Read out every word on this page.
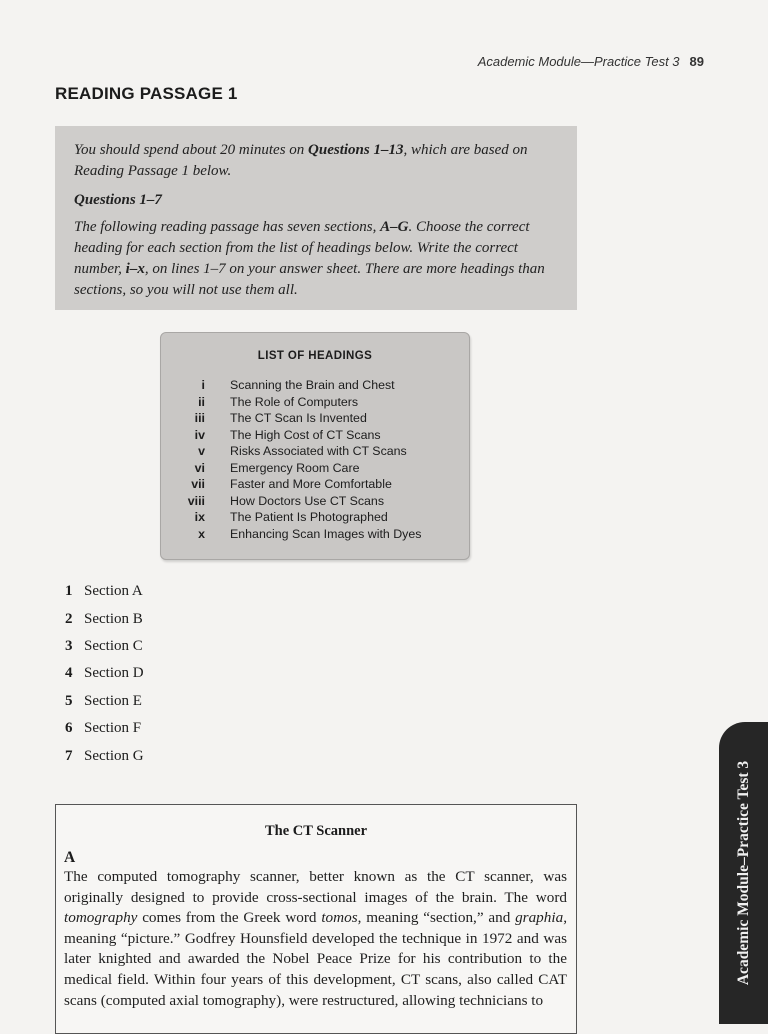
Academic Module—Practice Test 3 89
READING PASSAGE 1

You should spend about 20 minutes on Questions 1–13, which are based on Reading Passage 1 below.

Questions 1–7

The following reading passage has seven sections, A–G. Choose the correct heading for each section from the list of headings below. Write the correct number, i–x, on lines 1–7 on your answer sheet. There are more headings than sections, so you will not use them all.

LIST OF HEADINGS
i Scanning the Brain and Chest
ii The Role of Computers
iii The CT Scan Is Invented
iv The High Cost of CT Scans
v Risks Associated with CT Scans
vi Emergency Room Care
vii Faster and More Comfortable
viii How Doctors Use CT Scans
ix The Patient Is Photographed
x Enhancing Scan Images with Dyes
1 Section A
2 Section B
3 Section C
4 Section D
5 Section E
6 Section F
7 Section G
The CT Scanner
A

The computed tomography scanner, better known as the CT scanner, was originally designed to provide cross-sectional images of the brain. The word tomography comes from the Greek word tomos, meaning “section,” and graphia, meaning “picture.” Godfrey Hounsfield developed the technique in 1972 and was later knighted and awarded the Nobel Peace Prize for his contribution to the medical field. Within four years of this development, CT scans, also called CAT scans (computed axial tomography), were restructured, allowing technicians to

Academic Module–Practice Test 3
